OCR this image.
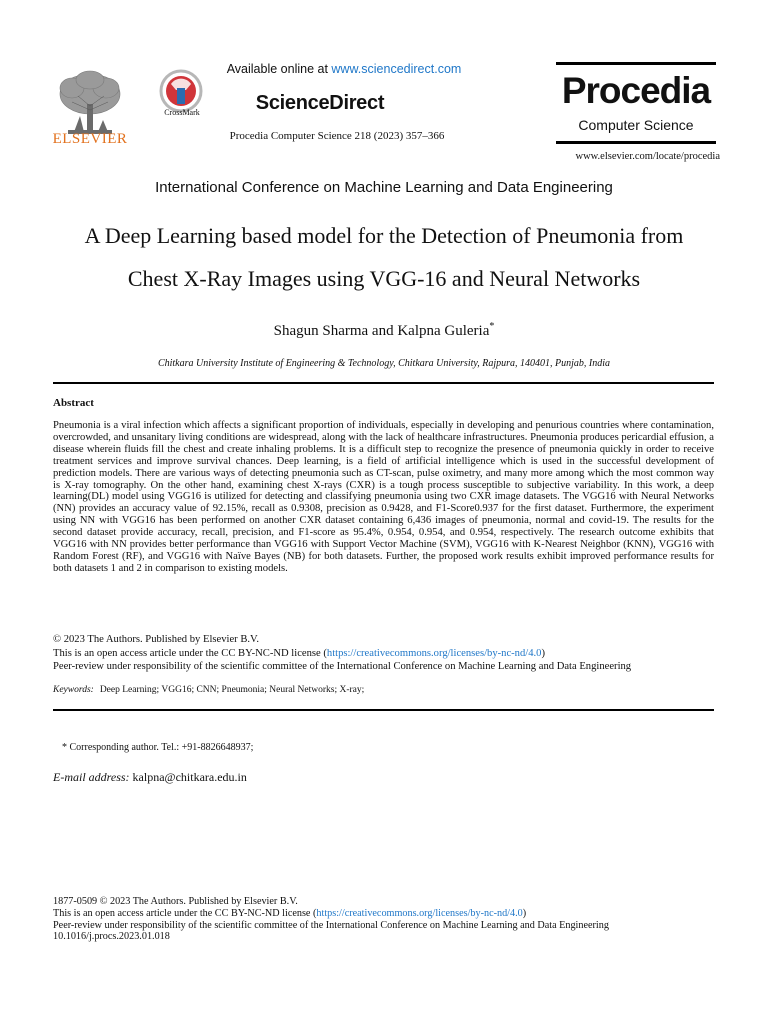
ELSEVIER
CrossMark
Available online at www.sciencedirect.com
ScienceDirect
Procedia Computer Science 218 (2023) 357–366
Procedia
Computer Science
www.elsevier.com/locate/procedia
International Conference on Machine Learning and Data Engineering
A Deep Learning based model for the Detection of Pneumonia from
Chest X-Ray Images using VGG-16 and Neural Networks
Shagun Sharma and Kalpna Guleria*
Chitkara University Institute of Engineering & Technology, Chitkara University, Rajpura, 140401, Punjab, India
Abstract
Pneumonia is a viral infection which affects a significant proportion of individuals, especially in developing and penurious countries where contamination, overcrowded, and unsanitary living conditions are widespread, along with the lack of healthcare infrastructures. Pneumonia produces pericardial effusion, a disease wherein fluids fill the chest and create inhaling problems. It is a difficult step to recognize the presence of pneumonia quickly in order to receive treatment services and improve survival chances. Deep learning, is a field of artificial intelligence which is used in the successful development of prediction models. There are various ways of detecting pneumonia such as CT-scan, pulse oximetry, and many more among which the most common way is X-ray tomography. On the other hand, examining chest X-rays (CXR) is a tough process susceptible to subjective variability. In this work, a deep learning(DL) model using VGG16 is utilized for detecting and classifying pneumonia using two CXR image datasets. The VGG16 with Neural Networks (NN) provides an accuracy value of 92.15%, recall as 0.9308, precision as 0.9428, and F1-Score0.937 for the first dataset. Furthermore, the experiment using NN with VGG16 has been performed on another CXR dataset containing 6,436 images of pneumonia, normal and covid-19. The results for the second dataset provide accuracy, recall, precision, and F1-score as 95.4%, 0.954, 0.954, and 0.954, respectively. The research outcome exhibits that VGG16 with NN provides better performance than VGG16 with Support Vector Machine (SVM), VGG16 with K-Nearest Neighbor (KNN), VGG16 with Random Forest (RF), and VGG16 with Naïve Bayes (NB) for both datasets. Further, the proposed work results exhibit improved performance results for both datasets 1 and 2 in comparison to existing models.
© 2023 The Authors. Published by Elsevier B.V.
This is an open access article under the CC BY-NC-ND license (https://creativecommons.org/licenses/by-nc-nd/4.0)
Peer-review under responsibility of the scientific committee of the International Conference on Machine Learning and Data Engineering
Keywords: Deep Learning; VGG16; CNN; Pneumonia; Neural Networks; X-ray;
* Corresponding author. Tel.: +91-8826648937;
E-mail address: kalpna@chitkara.edu.in
1877-0509 © 2023 The Authors. Published by Elsevier B.V.
This is an open access article under the CC BY-NC-ND license (https://creativecommons.org/licenses/by-nc-nd/4.0)
Peer-review under responsibility of the scientific committee of the International Conference on Machine Learning and Data Engineering
10.1016/j.procs.2023.01.018
